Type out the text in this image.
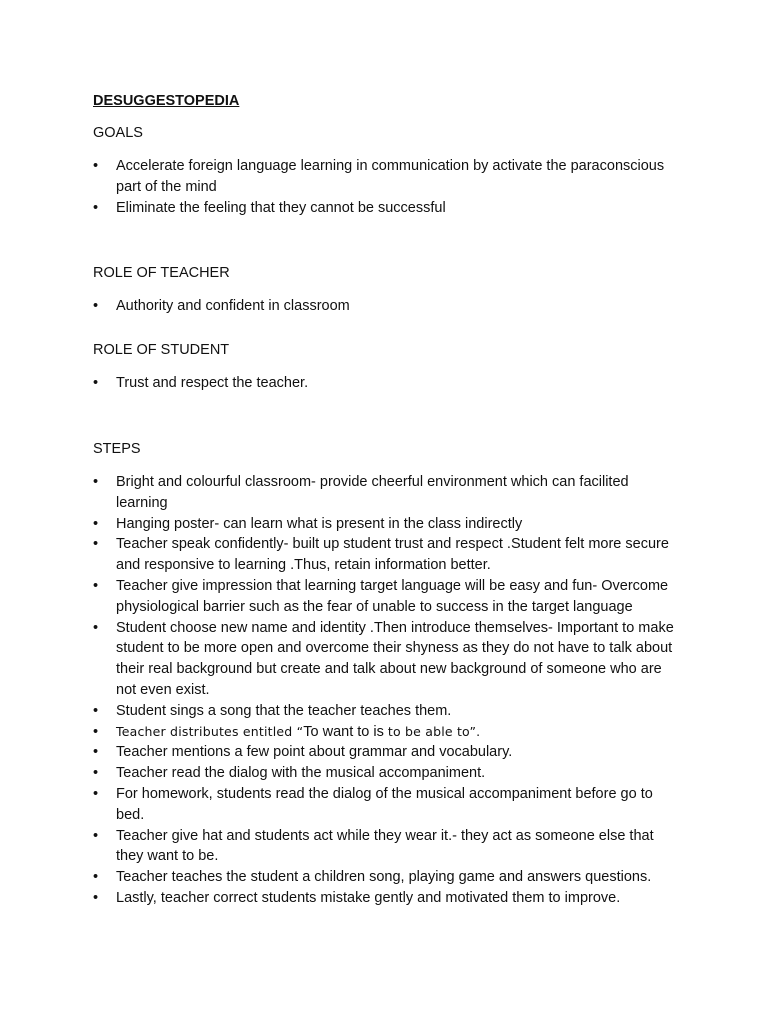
DESUGGESTOPEDIA

GOALS

•
Accelerate foreign language learning in communication by activate the paraconscious part of the mind
•
Eliminate the feeling that they cannot be successful

ROLE OF TEACHER

•
Authority and confident in classroom

ROLE OF STUDENT

•
Trust and respect the teacher.

STEPS

•
Bright and colourful classroom- provide cheerful environment which can facilited learning
•
Hanging poster- can learn what is present in the class indirectly
•
Teacher speak confidently- built up student trust and respect .Student felt more secure and responsive to learning .Thus, retain information better.
•
Teacher give impression that learning target language will be easy and fun- Overcome physiological barrier such as the fear of unable to success in the target language
•
Student choose new name and identity .Then introduce themselves- Important to make student to be more open and overcome their shyness as they do not have to talk about their real background but create and talk about new background of someone who are not even exist.
•
Student sings a song that the teacher teaches them.
•
Teacher distributes entitled “To want to is to be able to”.
•
Teacher mentions a few point about grammar and vocabulary.
•
Teacher read the dialog with the musical accompaniment.
•
For homework, students read the dialog of the musical accompaniment before go to bed.
•
Teacher give hat and students act while they wear it.- they act as someone else that they want to be.
•
Teacher teaches the student a children song, playing game and answers questions.
•
Lastly, teacher correct students mistake gently and motivated them to improve.
